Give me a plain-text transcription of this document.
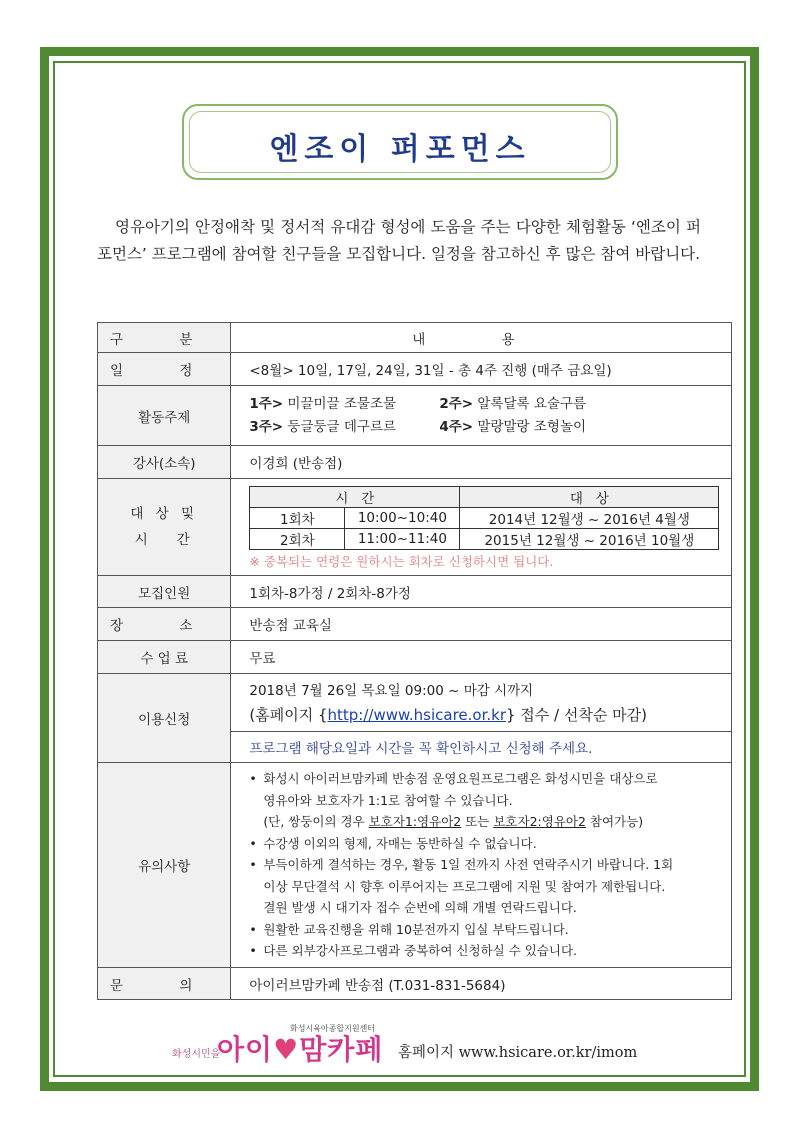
엔조이 퍼포먼스
영유아기의 안정애착 및 정서적 유대감 형성에 도움을 주는 다양한 체험활동 ‘엔조이 퍼포먼스’ 프로그램에 참여할 친구들을 모집합니다. 일정을 참고하신 후 많은 참여 바랍니다.
구 분	내 용
일 정	<8월> 10일, 17일, 24일, 31일 - 총 4주 진행 (매주 금요일)
활동주제	
1주> 미끌미끌 조물조물	2주> 알록달록 요술구름
3주> 둥글둥글 데구르르	4주> 말랑말랑 조형놀이

강사(소속)	이경희 (반송점)

대 상 및
시   간

시   간	대   상
1회차	10:00~10:40	2014년 12월생 ~ 2016년 4월생
2회차	11:00~11:40	2015년 12월생 ~ 2016년 10월생
※ 중복되는 연령은 원하시는 회차로 신청하시면 됩니다.

모집인원	1회차-8가정 / 2회차-8가정
장 소	반송점 교육실
수 업 료	무료
이용신청	
2018년 7월 26일 목요일 09:00 ~ 마감 시까지
(홈페이지 {http://www.hsicare.or.kr} 접수 / 선착순 마감)

프로그램 해당요일과 시간을 꼭 확인하시고 신청해 주세요.
유의사항	
• 화성시 아이러브맘카페 반송점 운영요원프로그램은 화성시민을 대상으로
영유아와 보호자가 1:1로 참여할 수 있습니다.
(단, 쌍둥이의 경우 보호자1:영유아2 또는 보호자2:영유아2 참여가능)
• 수강생 이외의 형제, 자매는 동반하실 수 없습니다.
• 부득이하게 결석하는 경우, 활동 1일 전까지 사전 연락주시기 바랍니다. 1회
이상 무단결석 시 향후 이루어지는 프로그램에 지원 및 참여가 제한됩니다.
결원 발생 시 대기자 접수 순번에 의해 개별 연락드립니다.
• 원활한 교육진행을 위해 10분전까지 입실 부탁드립니다.
• 다른 외부강사프로그램과 중복하여 신청하실 수 있습니다.

문 의	아이러브맘카페 반송점 (T.031-831-5684)
화성시민을
화성시육아종합지원센터
아이♥맘카페 홈페이지 www.hsicare.or.kr/imom
